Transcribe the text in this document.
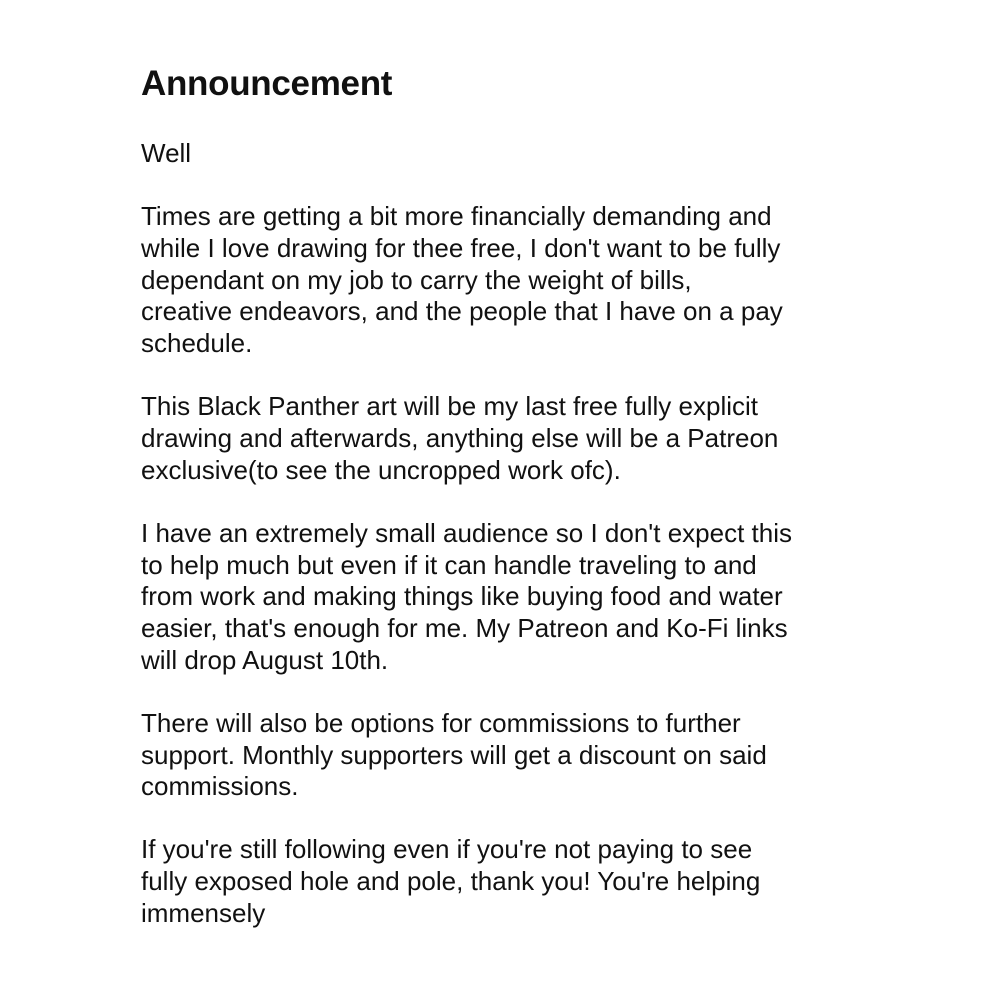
Announcement

Well

Times are getting a bit more financially demanding and
while I love drawing for thee free, I don't want to be fully
dependant on my job to carry the weight of bills,
creative endeavors, and the people that I have on a pay
schedule.

This Black Panther art will be my last free fully explicit
drawing and afterwards, anything else will be a Patreon
exclusive(to see the uncropped work ofc).

I have an extremely small audience so I don't expect this
to help much but even if it can handle traveling to and
from work and making things like buying food and water
easier, that's enough for me. My Patreon and Ko-Fi links
will drop August 10th.

There will also be options for commissions to further
support. Monthly supporters will get a discount on said
commissions.

If you're still following even if you're not paying to see
fully exposed hole and pole, thank you! You're helping
immensely
